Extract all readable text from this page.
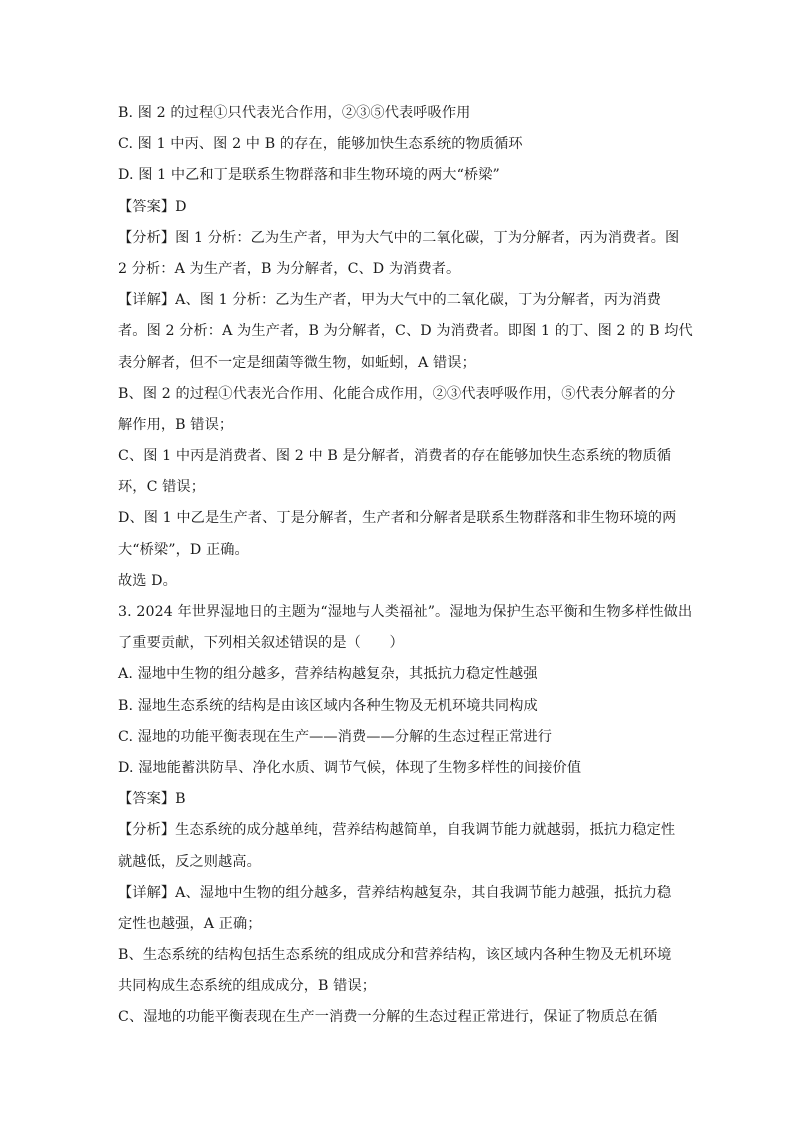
B. 图 2 的过程①只代表光合作用，②③⑤代表呼吸作用
C. 图 1 中丙、图 2 中 B 的存在，能够加快生态系统的物质循环
D. 图 1 中乙和丁是联系生物群落和非生物环境的两大“桥梁”
【答案】D
【分析】图 1 分析：乙为生产者，甲为大气中的二氧化碳，丁为分解者，丙为消费者。图
2 分析：A 为生产者，B 为分解者，C、D 为消费者。
【详解】A、图 1 分析：乙为生产者，甲为大气中的二氧化碳，丁为分解者，丙为消费
者。图 2 分析：A 为生产者，B 为分解者，C、D 为消费者。即图 1 的丁、图 2 的 B 均代
表分解者，但不一定是细菌等微生物，如蚯蚓，A 错误；
B、图 2 的过程①代表光合作用、化能合成作用，②③代表呼吸作用，⑤代表分解者的分
解作用，B 错误；
C、图 1 中丙是消费者、图 2 中 B 是分解者，消费者的存在能够加快生态系统的物质循
环，C 错误；
D、图 1 中乙是生产者、丁是分解者，生产者和分解者是联系生物群落和非生物环境的两
大“桥梁”，D 正确。
故选 D。
3. 2024 年世界湿地日的主题为“湿地与人类福祉”。湿地为保护生态平衡和生物多样性做出
了重要贡献，下列相关叙述错误的是（　　）
A. 湿地中生物的组分越多，营养结构越复杂，其抵抗力稳定性越强
B. 湿地生态系统的结构是由该区域内各种生物及无机环境共同构成
C. 湿地的功能平衡表现在生产——消费——分解的生态过程正常进行
D. 湿地能蓄洪防旱、净化水质、调节气候，体现了生物多样性的间接价值
【答案】B
【分析】生态系统的成分越单纯，营养结构越简单，自我调节能力就越弱，抵抗力稳定性
就越低，反之则越高。
【详解】A、湿地中生物的组分越多，营养结构越复杂，其自我调节能力越强，抵抗力稳
定性也越强，A 正确；
B、生态系统的结构包括生态系统的组成成分和营养结构，该区域内各种生物及无机环境
共同构成生态系统的组成成分，B 错误；
C、湿地的功能平衡表现在生产一消费一分解的生态过程正常进行，保证了物质总在循
